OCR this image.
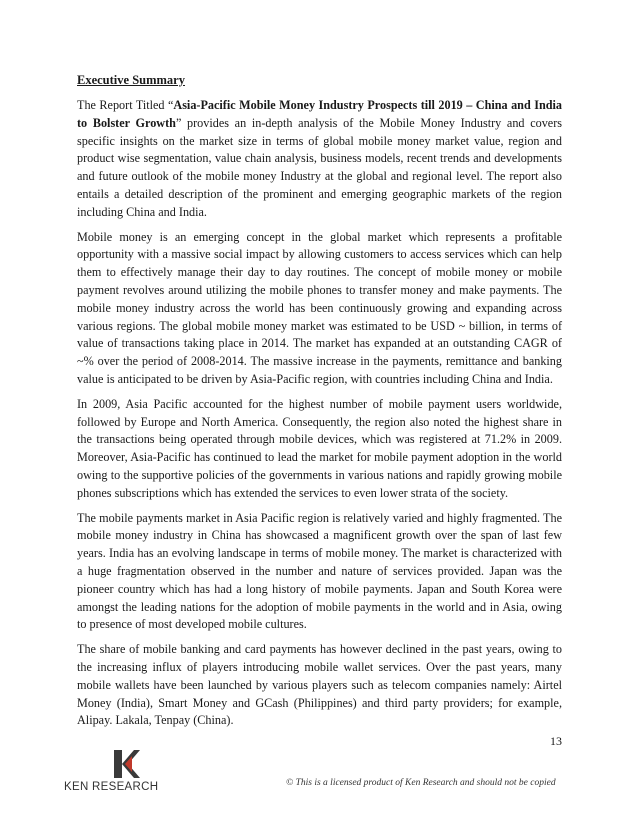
Executive Summary

The Report Titled “Asia-Pacific Mobile Money Industry Prospects till 2019 – China and India to Bolster Growth” provides an in-depth analysis of the Mobile Money Industry and covers specific insights on the market size in terms of global mobile money market value, region and product wise segmentation, value chain analysis, business models, recent trends and developments and future outlook of the mobile money Industry at the global and regional level. The report also entails a detailed description of the prominent and emerging geographic markets of the region including China and India.

Mobile money is an emerging concept in the global market which represents a profitable opportunity with a massive social impact by allowing customers to access services which can help them to effectively manage their day to day routines. The concept of mobile money or mobile payment revolves around utilizing the mobile phones to transfer money and make payments. The mobile money industry across the world has been continuously growing and expanding across various regions. The global mobile money market was estimated to be USD ~ billion, in terms of value of transactions taking place in 2014. The market has expanded at an outstanding CAGR of ~% over the period of 2008-2014. The massive increase in the payments, remittance and banking value is anticipated to be driven by Asia-Pacific region, with countries including China and India.

In 2009, Asia Pacific accounted for the highest number of mobile payment users worldwide, followed by Europe and North America. Consequently, the region also noted the highest share in the transactions being operated through mobile devices, which was registered at 71.2% in 2009. Moreover, Asia-Pacific has continued to lead the market for mobile payment adoption in the world owing to the supportive policies of the governments in various nations and rapidly growing mobile phones subscriptions which has extended the services to even lower strata of the society.

The mobile payments market in Asia Pacific region is relatively varied and highly fragmented. The mobile money industry in China has showcased a magnificent growth over the span of last few years. India has an evolving landscape in terms of mobile money. The market is characterized with a huge fragmentation observed in the number and nature of services provided. Japan was the pioneer country which has had a long history of mobile payments. Japan and South Korea were amongst the leading nations for the adoption of mobile payments in the world and in Asia, owing to presence of most developed mobile cultures.

The share of mobile banking and card payments has however declined in the past years, owing to the increasing influx of players introducing mobile wallet services. Over the past years, many mobile wallets have been launched by various players such as telecom companies namely: Airtel Money (India), Smart Money and GCash (Philippines) and third party providers; for example, Alipay. Lakala, Tenpay (China).

13
KEN RESEARCH	© This is a licensed product of Ken Research and should not be copied
